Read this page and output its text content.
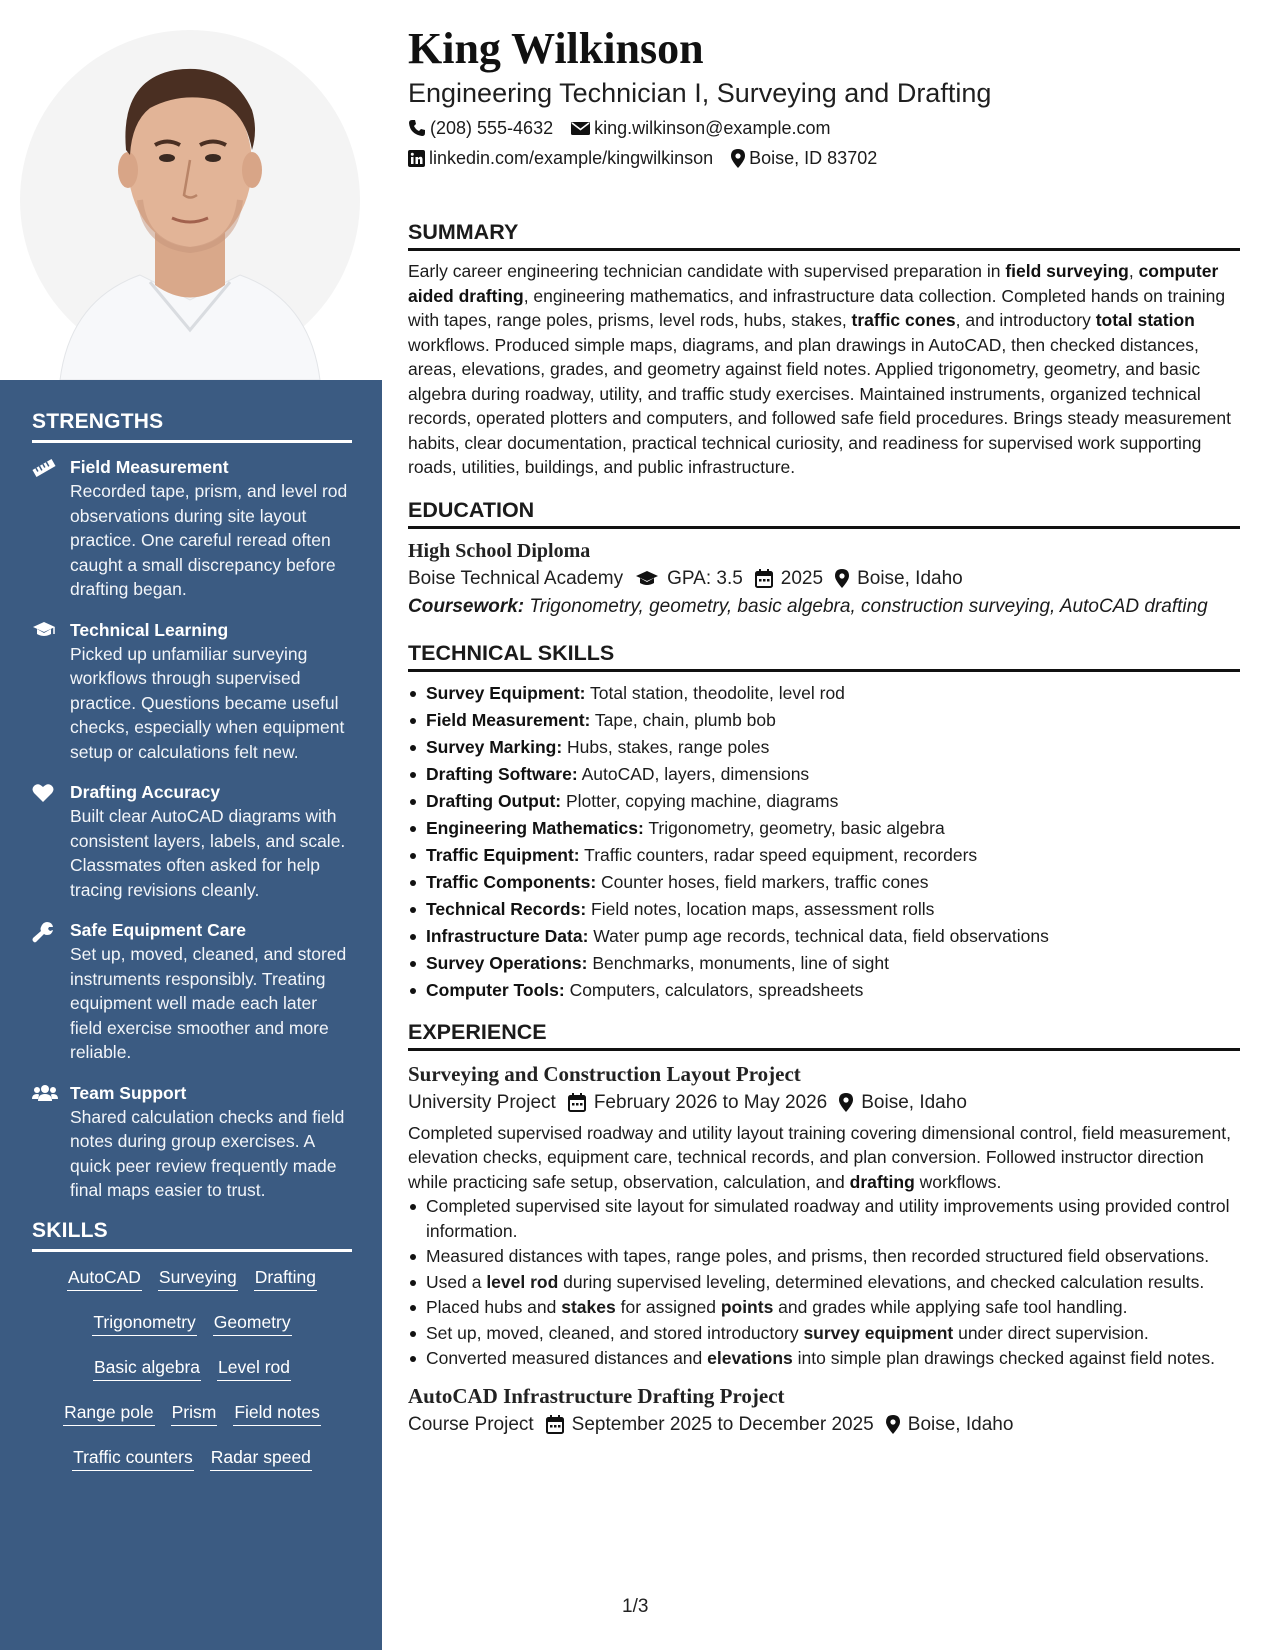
STRENGTHS
Field Measurement
Recorded tape, prism, and level rod observations during site layout practice. One careful reread often caught a small discrepancy before drafting began.
Technical Learning
Picked up unfamiliar surveying workflows through supervised practice. Questions became useful checks, especially when equipment setup or calculations felt new.
Drafting Accuracy
Built clear AutoCAD diagrams with consistent layers, labels, and scale. Classmates often asked for help tracing revisions cleanly.
Safe Equipment Care
Set up, moved, cleaned, and stored instruments responsibly. Treating equipment well made each later field exercise smoother and more reliable.
Team Support
Shared calculation checks and field notes during group exercises. A quick peer review frequently made final maps easier to trust.
SKILLS
AutoCAD Surveying Drafting
Trigonometry Geometry
Basic algebra Level rod
Range pole Prism Field notes
Traffic counters Radar speed
King Wilkinson
Engineering Technician I, Surveying and Drafting
(208) 555-4632 king.wilkinson@example.com
linkedin.com/example/kingwilkinson Boise, ID 83702
SUMMARY

Early career engineering technician candidate with supervised preparation in field surveying, computer aided drafting, engineering mathematics, and infrastructure data collection. Completed hands on training with tapes, range poles, prisms, level rods, hubs, stakes, traffic cones, and introductory total station workflows. Produced simple maps, diagrams, and plan drawings in AutoCAD, then checked distances, areas, elevations, grades, and geometry against field notes. Applied trigonometry, geometry, and basic algebra during roadway, utility, and traffic study exercises. Maintained instruments, organized technical records, operated plotters and computers, and followed safe field procedures. Brings steady measurement habits, clear documentation, practical technical curiosity, and readiness for supervised work supporting roads, utilities, buildings, and public infrastructure.

EDUCATION
High School Diploma
Boise Technical Academy GPA: 3.5 2025 Boise, Idaho
Coursework: Trigonometry, geometry, basic algebra, construction surveying, AutoCAD drafting
TECHNICAL SKILLS
Survey Equipment: Total station, theodolite, level rod
Field Measurement: Tape, chain, plumb bob
Survey Marking: Hubs, stakes, range poles
Drafting Software: AutoCAD, layers, dimensions
Drafting Output: Plotter, copying machine, diagrams
Engineering Mathematics: Trigonometry, geometry, basic algebra
Traffic Equipment: Traffic counters, radar speed equipment, recorders
Traffic Components: Counter hoses, field markers, traffic cones
Technical Records: Field notes, location maps, assessment rolls
Infrastructure Data: Water pump age records, technical data, field observations
Survey Operations: Benchmarks, monuments, line of sight
Computer Tools: Computers, calculators, spreadsheets
EXPERIENCE
Surveying and Construction Layout Project
University Project February 2026 to May 2026 Boise, Idaho

Completed supervised roadway and utility layout training covering dimensional control, field measurement, elevation checks, equipment care, technical records, and plan conversion. Followed instructor direction while practicing safe setup, observation, calculation, and drafting workflows.

Completed supervised site layout for simulated roadway and utility improvements using provided control information.
Measured distances with tapes, range poles, and prisms, then recorded structured field observations.
Used a level rod during supervised leveling, determined elevations, and checked calculation results.
Placed hubs and stakes for assigned points and grades while applying safe tool handling.
Set up, moved, cleaned, and stored introductory survey equipment under direct supervision.
Converted measured distances and elevations into simple plan drawings checked against field notes.
AutoCAD Infrastructure Drafting Project
Course Project September 2025 to December 2025 Boise, Idaho
1/3
